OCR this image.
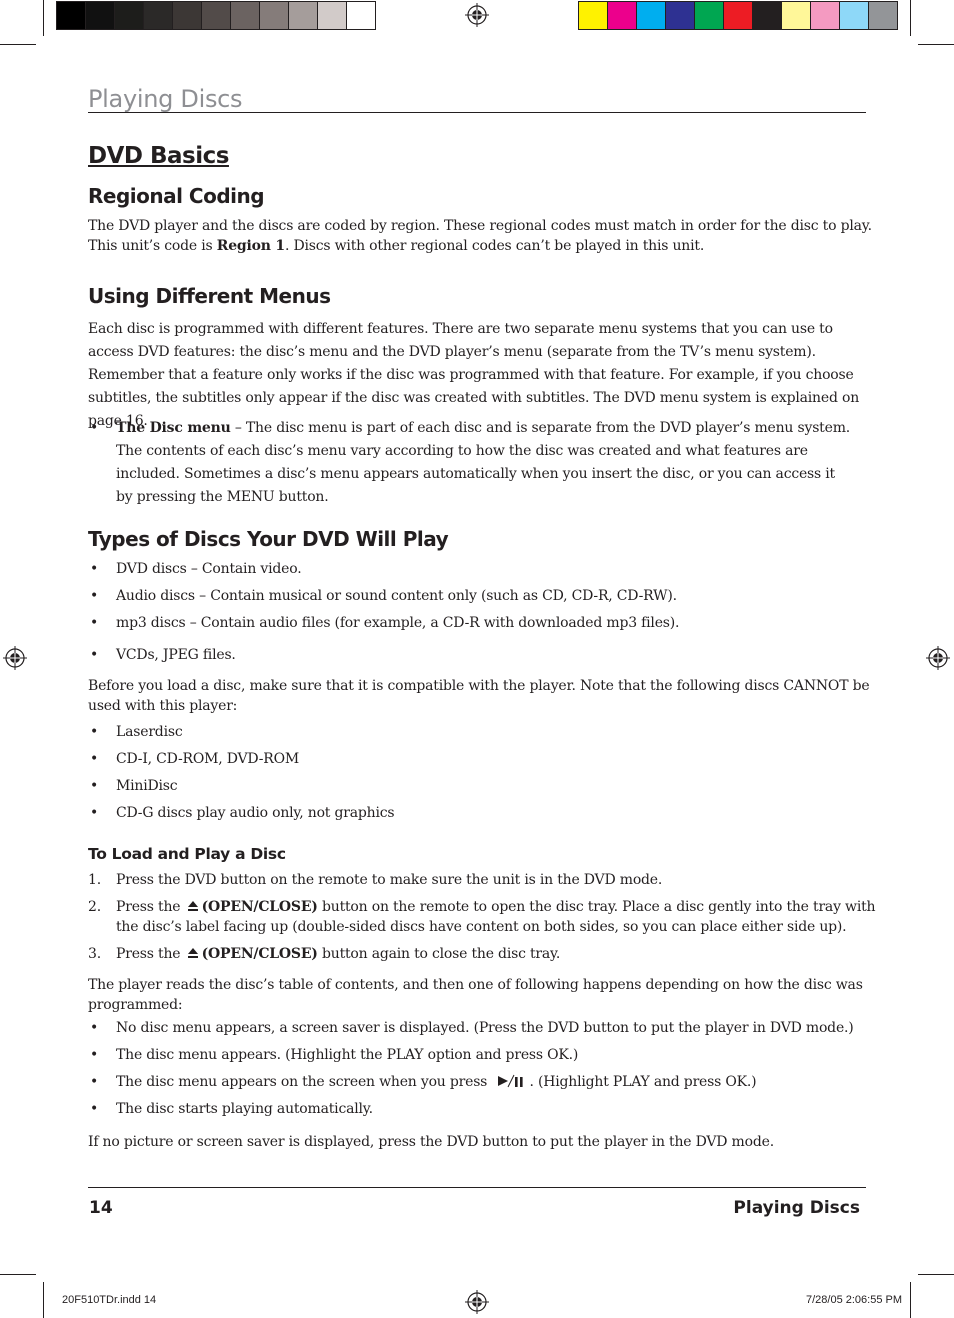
Playing Discs
DVD Basics
Regional Coding
The DVD player and the discs are coded by region. These regional codes must match in order for the disc to play.
This unit’s code is Region 1. Discs with other regional codes can’t be played in this unit.
Using Different Menus
Each disc is programmed with different features. There are two separate menu systems that you can use to access DVD features: the disc’s menu and the DVD player’s menu (separate from the TV’s menu system). Remember that a feature only works if the disc was programmed with that feature. For example, if you choose subtitles, the subtitles only appear if the disc was created with subtitles. The DVD menu system is explained on page 16.
• The Disc menu – The disc menu is part of each disc and is separate from the DVD player’s menu system. The contents of each disc’s menu vary according to how the disc was created and what features are included. Sometimes a disc’s menu appears automatically when you insert the disc, or you can access it by pressing the MENU button.
Types of Discs Your DVD Will Play
• DVD discs – Contain video.
• Audio discs – Contain musical or sound content only (such as CD, CD-R, CD-RW).
• mp3 discs – Contain audio files (for example, a CD-R with downloaded mp3 files).
• VCDs, JPEG files.
Before you load a disc, make sure that it is compatible with the player. Note that the following discs CANNOT be used with this player:
• Laserdisc
• CD-I, CD-ROM, DVD-ROM
• MiniDisc
• CD-G discs play audio only, not graphics
To Load and Play a Disc
1. Press the DVD button on the remote to make sure the unit is in the DVD mode.
2. Press the (OPEN/CLOSE) button on the remote to open the disc tray. Place a disc gently into the tray with the disc’s label facing up (double-sided discs have content on both sides, so you can place either side up).
3. Press the (OPEN/CLOSE) button again to close the disc tray.
The player reads the disc’s table of contents, and then one of following happens depending on how the disc was programmed:
• No disc menu appears, a screen saver is displayed. (Press the DVD button to put the player in DVD mode.)
• The disc menu appears. (Highlight the PLAY option and press OK.)
• The disc menu appears on the screen when you press	. (Highlight PLAY and press OK.)
• The disc starts playing automatically.
If no picture or screen saver is displayed, press the DVD button to put the player in the DVD mode.
14	Playing Discs
20F510TDr.indd 14	7/28/05 2:06:55 PM
